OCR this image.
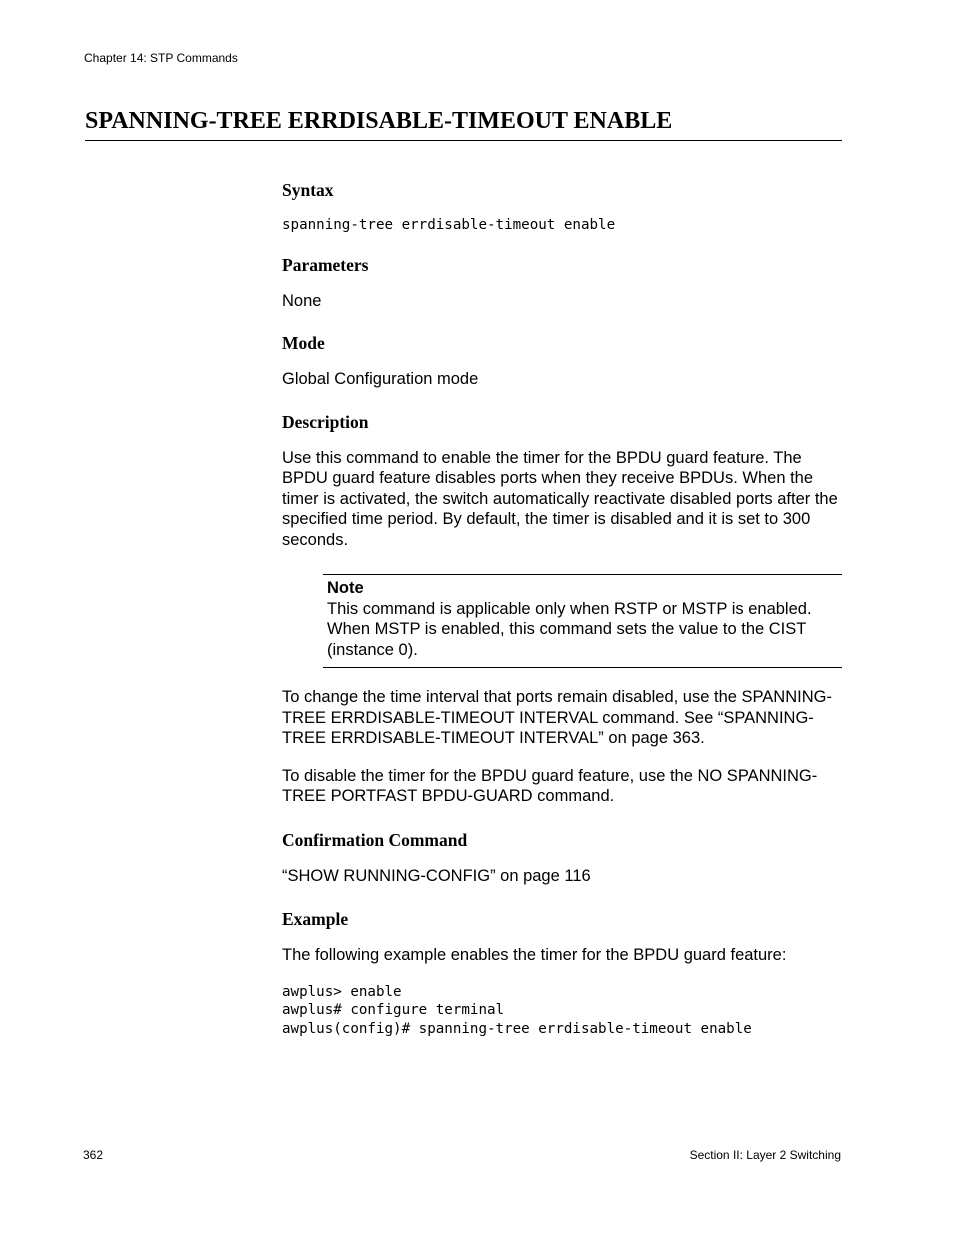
Chapter 14: STP Commands
SPANNING-TREE ERRDISABLE-TIMEOUT ENABLE
Syntax
spanning-tree errdisable-timeout enable
Parameters
None
Mode
Global Configuration mode
Description
Use this command to enable the timer for the BPDU guard feature. The BPDU guard feature disables ports when they receive BPDUs. When the timer is activated, the switch automatically reactivate disabled ports after the specified time period. By default, the timer is disabled and it is set to 300 seconds.
Note
This command is applicable only when RSTP or MSTP is enabled. When MSTP is enabled, this command sets the value to the CIST (instance 0).
To change the time interval that ports remain disabled, use the SPANNING-TREE ERRDISABLE-TIMEOUT INTERVAL command. See “SPANNING-TREE ERRDISABLE-TIMEOUT INTERVAL” on page 363.
To disable the timer for the BPDU guard feature, use the NO SPANNING-TREE PORTFAST BPDU-GUARD command.
Confirmation Command
“SHOW RUNNING-CONFIG” on page 116
Example
The following example enables the timer for the BPDU guard feature:
awplus> enable
awplus# configure terminal
awplus(config)# spanning-tree errdisable-timeout enable
362	Section II: Layer 2 Switching
